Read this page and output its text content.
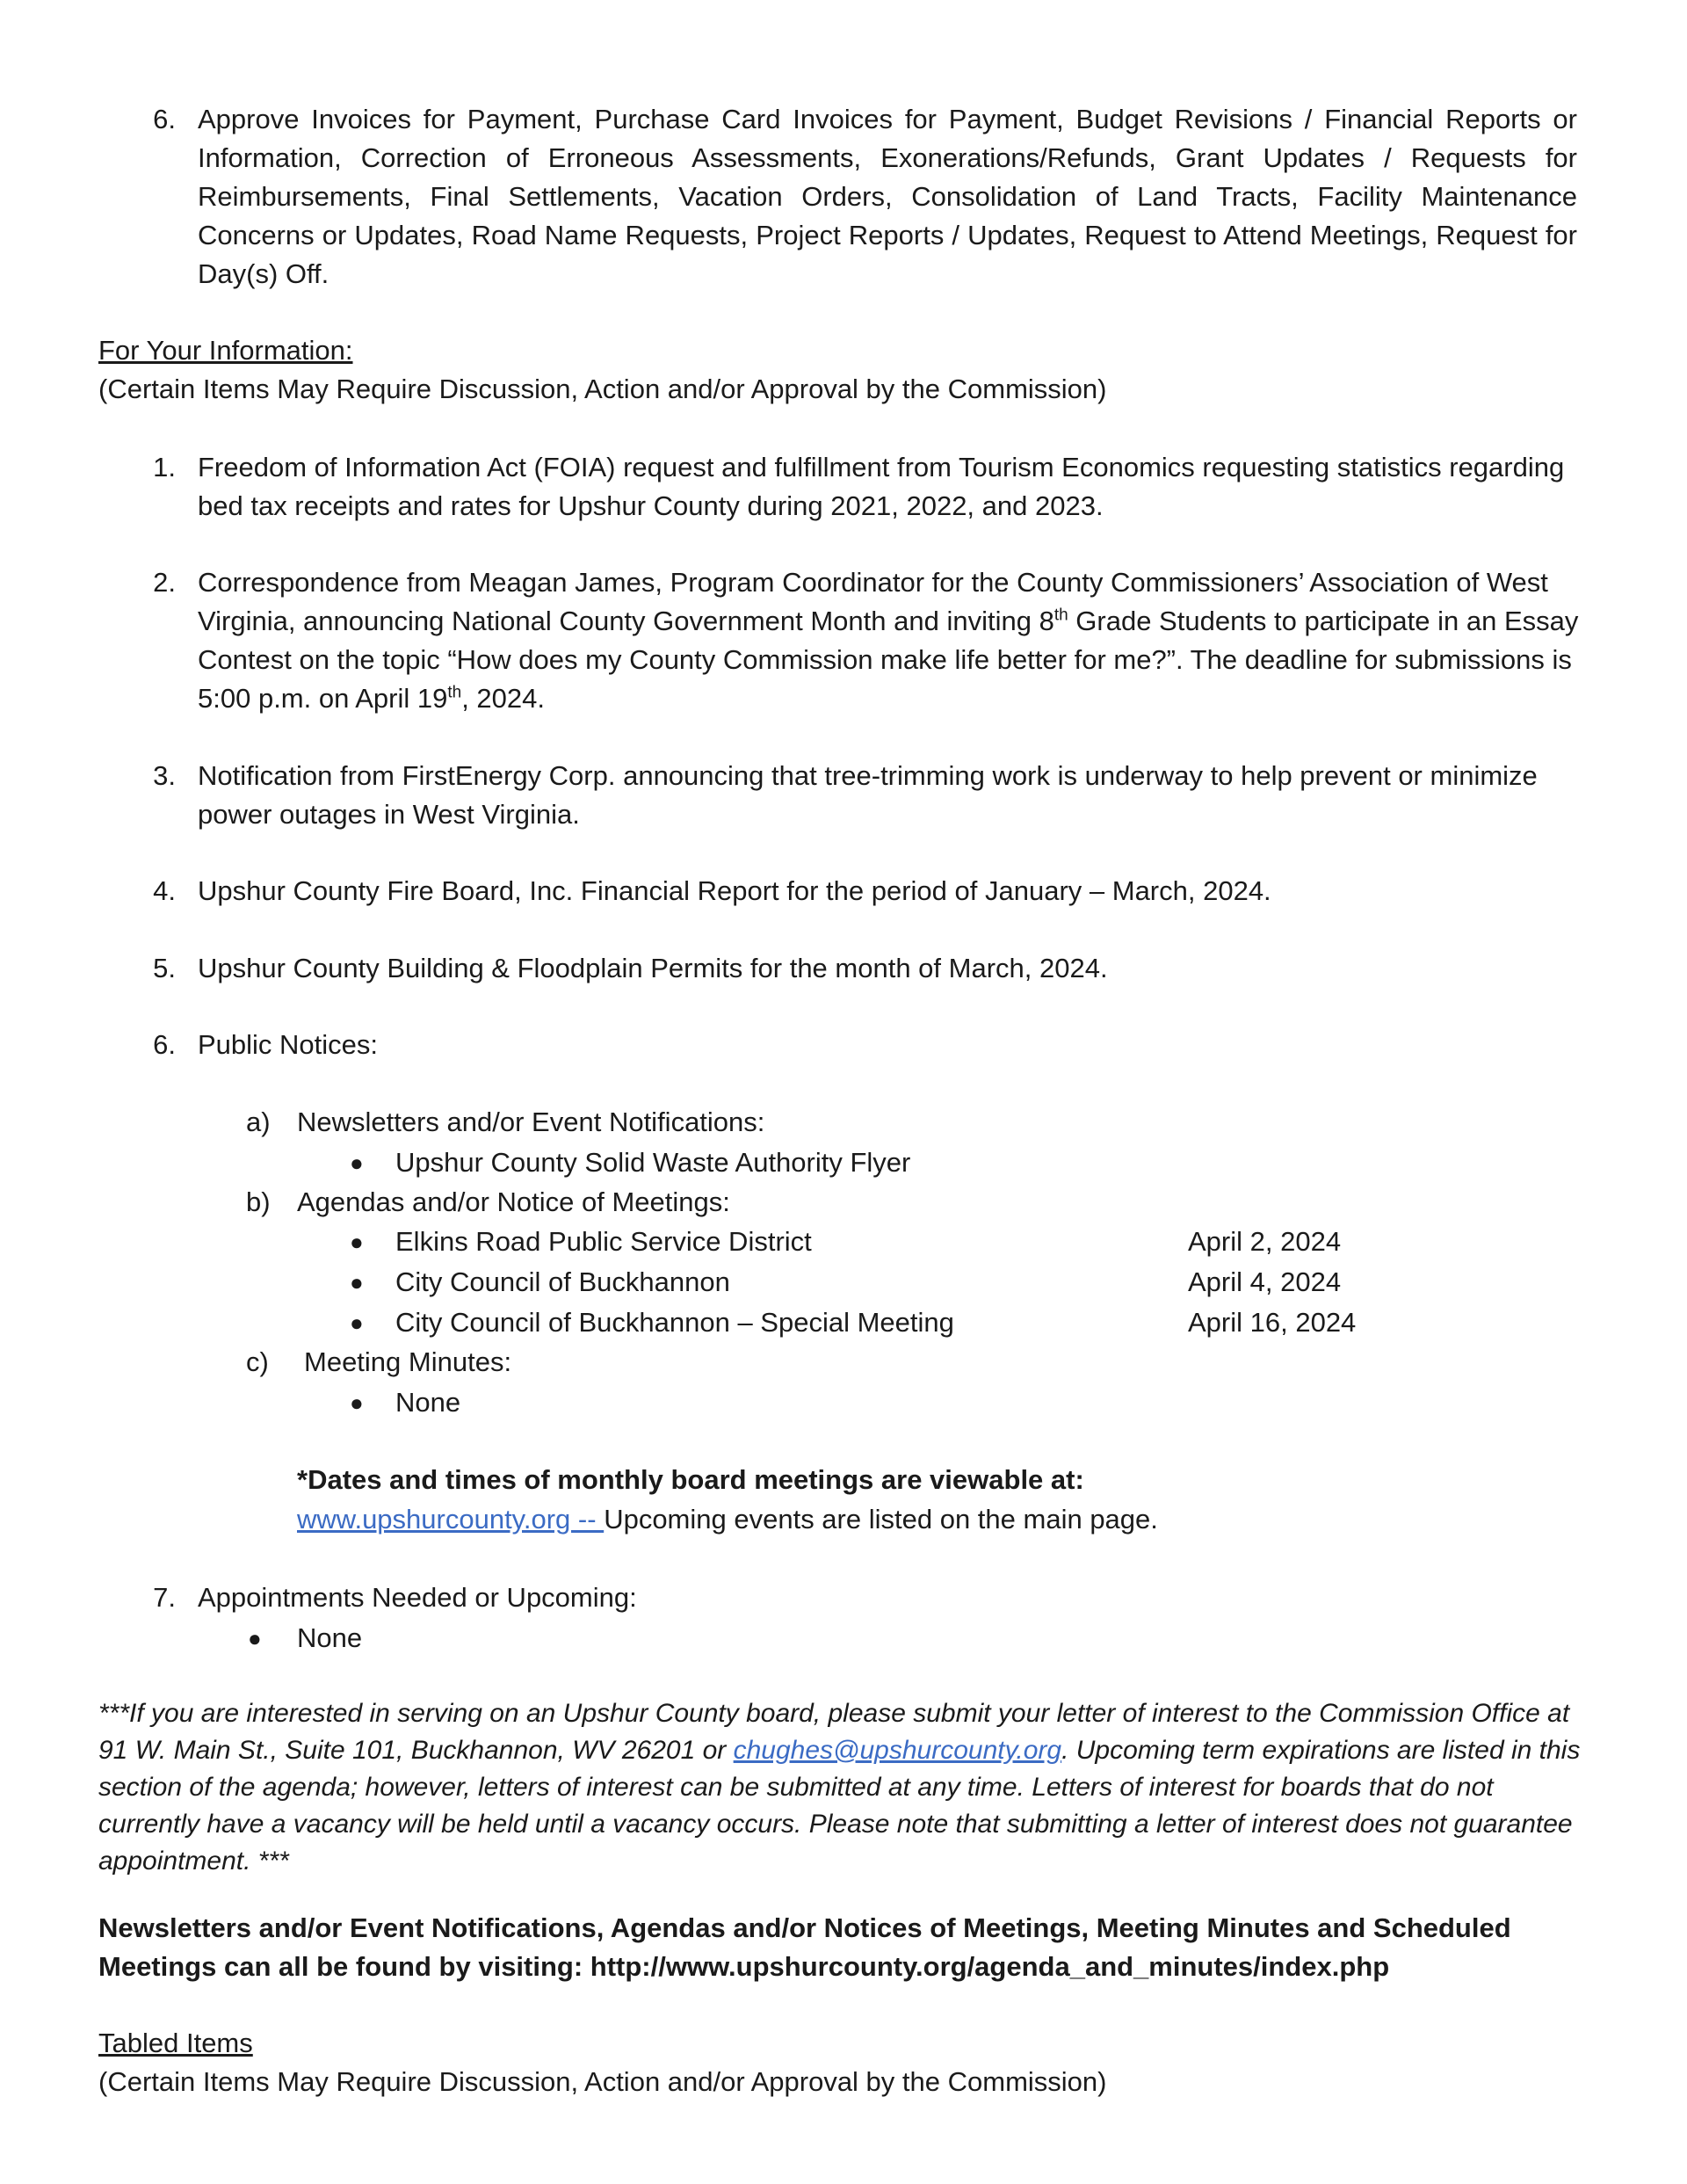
6. Approve Invoices for Payment, Purchase Card Invoices for Payment, Budget Revisions / Financial Reports or Information, Correction of Erroneous Assessments, Exonerations/Refunds, Grant Updates / Requests for Reimbursements, Final Settlements, Vacation Orders, Consolidation of Land Tracts, Facility Maintenance Concerns or Updates, Road Name Requests, Project Reports / Updates, Request to Attend Meetings, Request for Day(s) Off.
For Your Information:
(Certain Items May Require Discussion, Action and/or Approval by the Commission)
1. Freedom of Information Act (FOIA) request and fulfillment from Tourism Economics requesting statistics regarding bed tax receipts and rates for Upshur County during 2021, 2022, and 2023.
2. Correspondence from Meagan James, Program Coordinator for the County Commissioners’ Association of West Virginia, announcing National County Government Month and inviting 8th Grade Students to participate in an Essay Contest on the topic “How does my County Commission make life better for me?”. The deadline for submissions is 5:00 p.m. on April 19th, 2024.
3. Notification from FirstEnergy Corp. announcing that tree-trimming work is underway to help prevent or minimize power outages in West Virginia.
4. Upshur County Fire Board, Inc. Financial Report for the period of January – March, 2024.
5. Upshur County Building & Floodplain Permits for the month of March, 2024.
6. Public Notices:
a) Newsletters and/or Event Notifications:
● Upshur County Solid Waste Authority Flyer
b) Agendas and/or Notice of Meetings:
● Elkins Road Public Service District	April 2, 2024
● City Council of Buckhannon	April 4, 2024
● City Council of Buckhannon – Special Meeting	April 16, 2024
c) Meeting Minutes:
● None
*Dates and times of monthly board meetings are viewable at:
www.upshurcounty.org -- Upcoming events are listed on the main page.
7. Appointments Needed or Upcoming:
● None
***If you are interested in serving on an Upshur County board, please submit your letter of interest to the Commission Office at 91 W. Main St., Suite 101, Buckhannon, WV 26201 or chughes@upshurcounty.org. Upcoming term expirations are listed in this section of the agenda; however, letters of interest can be submitted at any time. Letters of interest for boards that do not currently have a vacancy will be held until a vacancy occurs. Please note that submitting a letter of interest does not guarantee appointment. ***
Newsletters and/or Event Notifications, Agendas and/or Notices of Meetings, Meeting Minutes and Scheduled Meetings can all be found by visiting: http://www.upshurcounty.org/agenda_and_minutes/index.php
Tabled Items
(Certain Items May Require Discussion, Action and/or Approval by the Commission)
